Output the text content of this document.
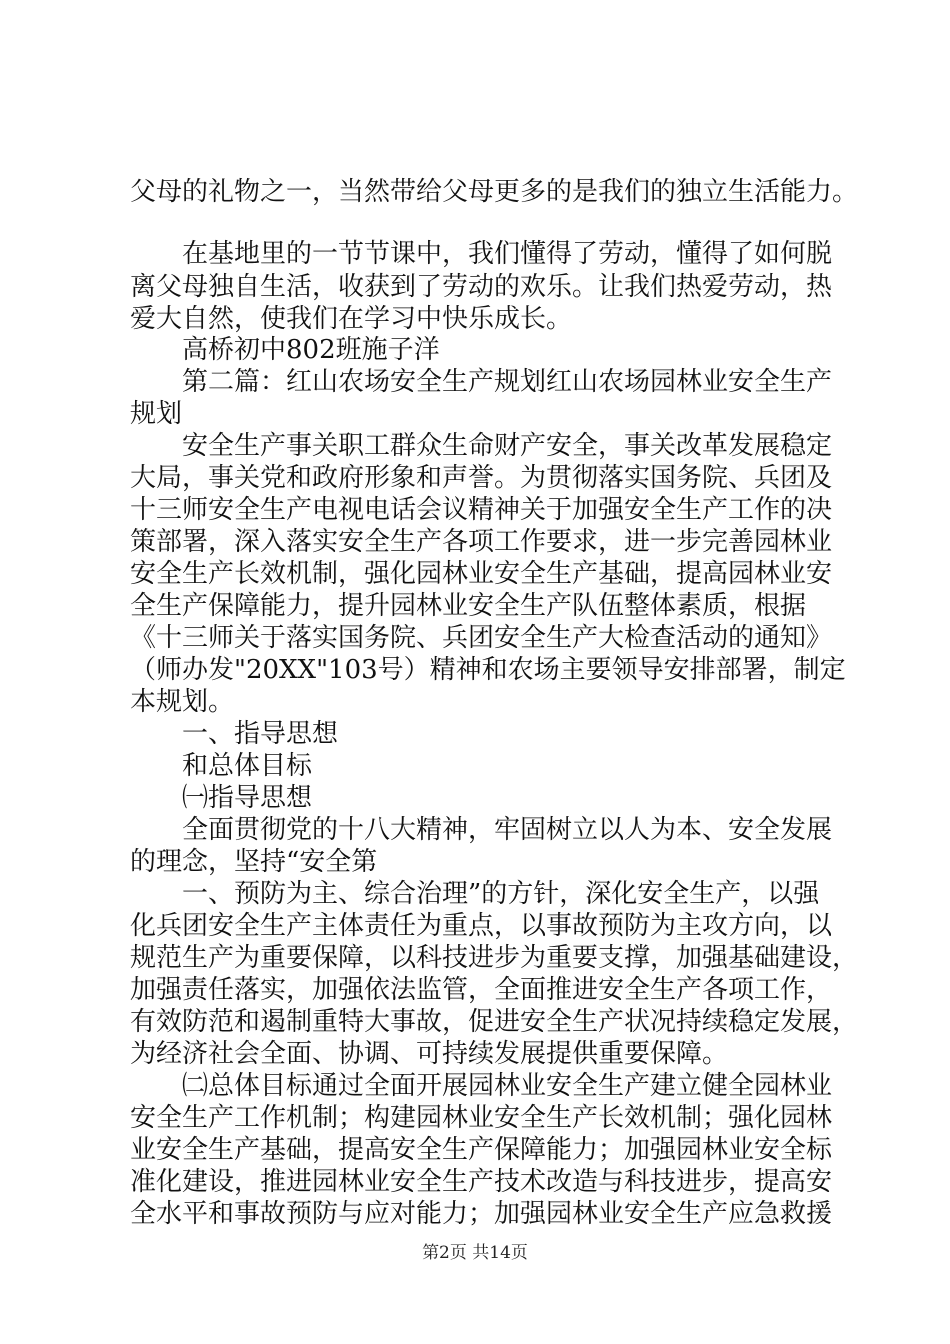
父母的礼物之一，当然带给父母更多的是我们的独立生活能力。
在基地里的一节节课中，我们懂得了劳动，懂得了如何脱
离父母独自生活，收获到了劳动的欢乐。让我们热爱劳动，热
爱大自然，使我们在学习中快乐成长。
高桥初中802班施子洋
第二篇：红山农场安全生产规划红山农场园林业安全生产
规划
安全生产事关职工群众生命财产安全，事关改革发展稳定
大局，事关党和政府形象和声誉。为贯彻落实国务院、兵团及
十三师安全生产电视电话会议精神关于加强安全生产工作的决
策部署，深入落实安全生产各项工作要求，进一步完善园林业
安全生产长效机制，强化园林业安全生产基础，提高园林业安
全生产保障能力，提升园林业安全生产队伍整体素质，根据
《十三师关于落实国务院、兵团安全生产大检查活动的通知》
（师办发"20XX"103号）精神和农场主要领导安排部署，制定
本规划。
一、指导思想
和总体目标
㈠指导思想
全面贯彻党的十八大精神，牢固树立以人为本、安全发展
的理念，坚持“安全第
一、预防为主、综合治理”的方针，深化安全生产，以强
化兵团安全生产主体责任为重点，以事故预防为主攻方向，以
规范生产为重要保障，以科技进步为重要支撑，加强基础建设，
加强责任落实，加强依法监管，全面推进安全生产各项工作，
有效防范和遏制重特大事故，促进安全生产状况持续稳定发展，
为经济社会全面、协调、可持续发展提供重要保障。
㈡总体目标通过全面开展园林业安全生产建立健全园林业
安全生产工作机制；构建园林业安全生产长效机制；强化园林
业安全生产基础，提高安全生产保障能力；加强园林业安全标
准化建设，推进园林业安全生产技术改造与科技进步，提高安
全水平和事故预防与应对能力；加强园林业安全生产应急救援
第2页 共14页
